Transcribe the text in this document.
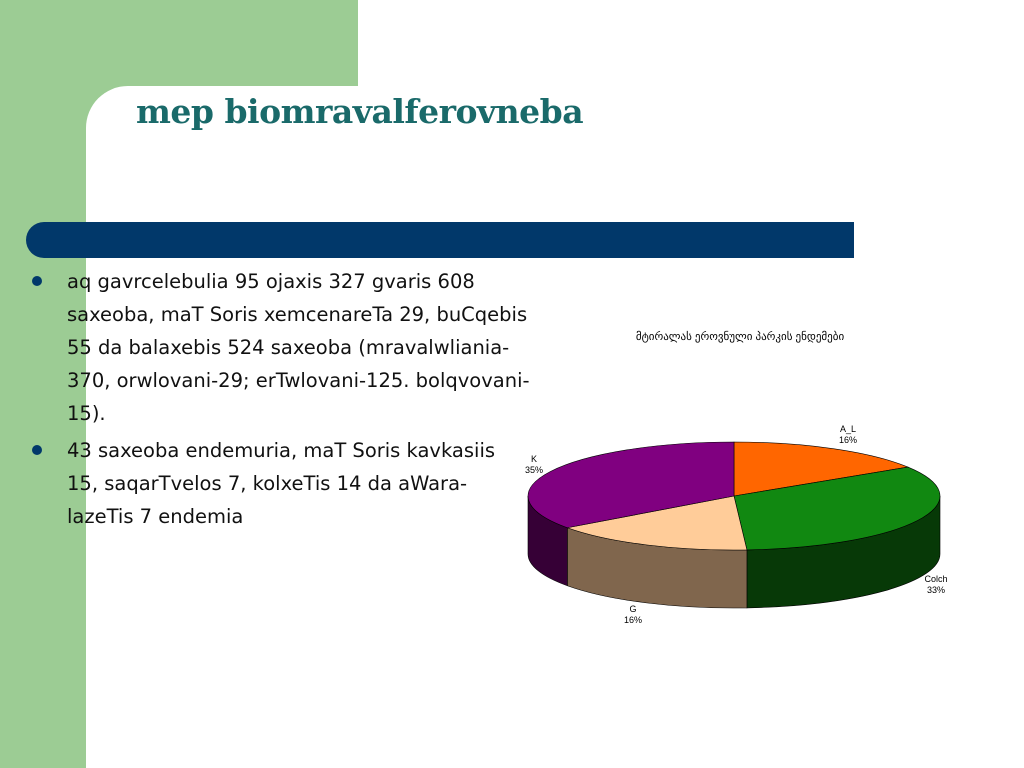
mep biomravalferovneba
aq gavrcelebulia 95 ojaxis 327 gvaris 608 saxeoba, maT Soris xemcenareTa 29, buCqebis 55 da balaxebis 524 saxeoba (mravalwliania-370, orwlovani-29; erTwlovani-125. bolqvovani-15).
43 saxeoba endemuria, maT Soris kavkasiis 15, saqarTvelos 7, kolxeTis 14 da aWara-lazeTis 7 endemia
მტირალას ეროვნული პარკის ენდემები
A_L
16%
Colch
33%
G
16%
K
35%
